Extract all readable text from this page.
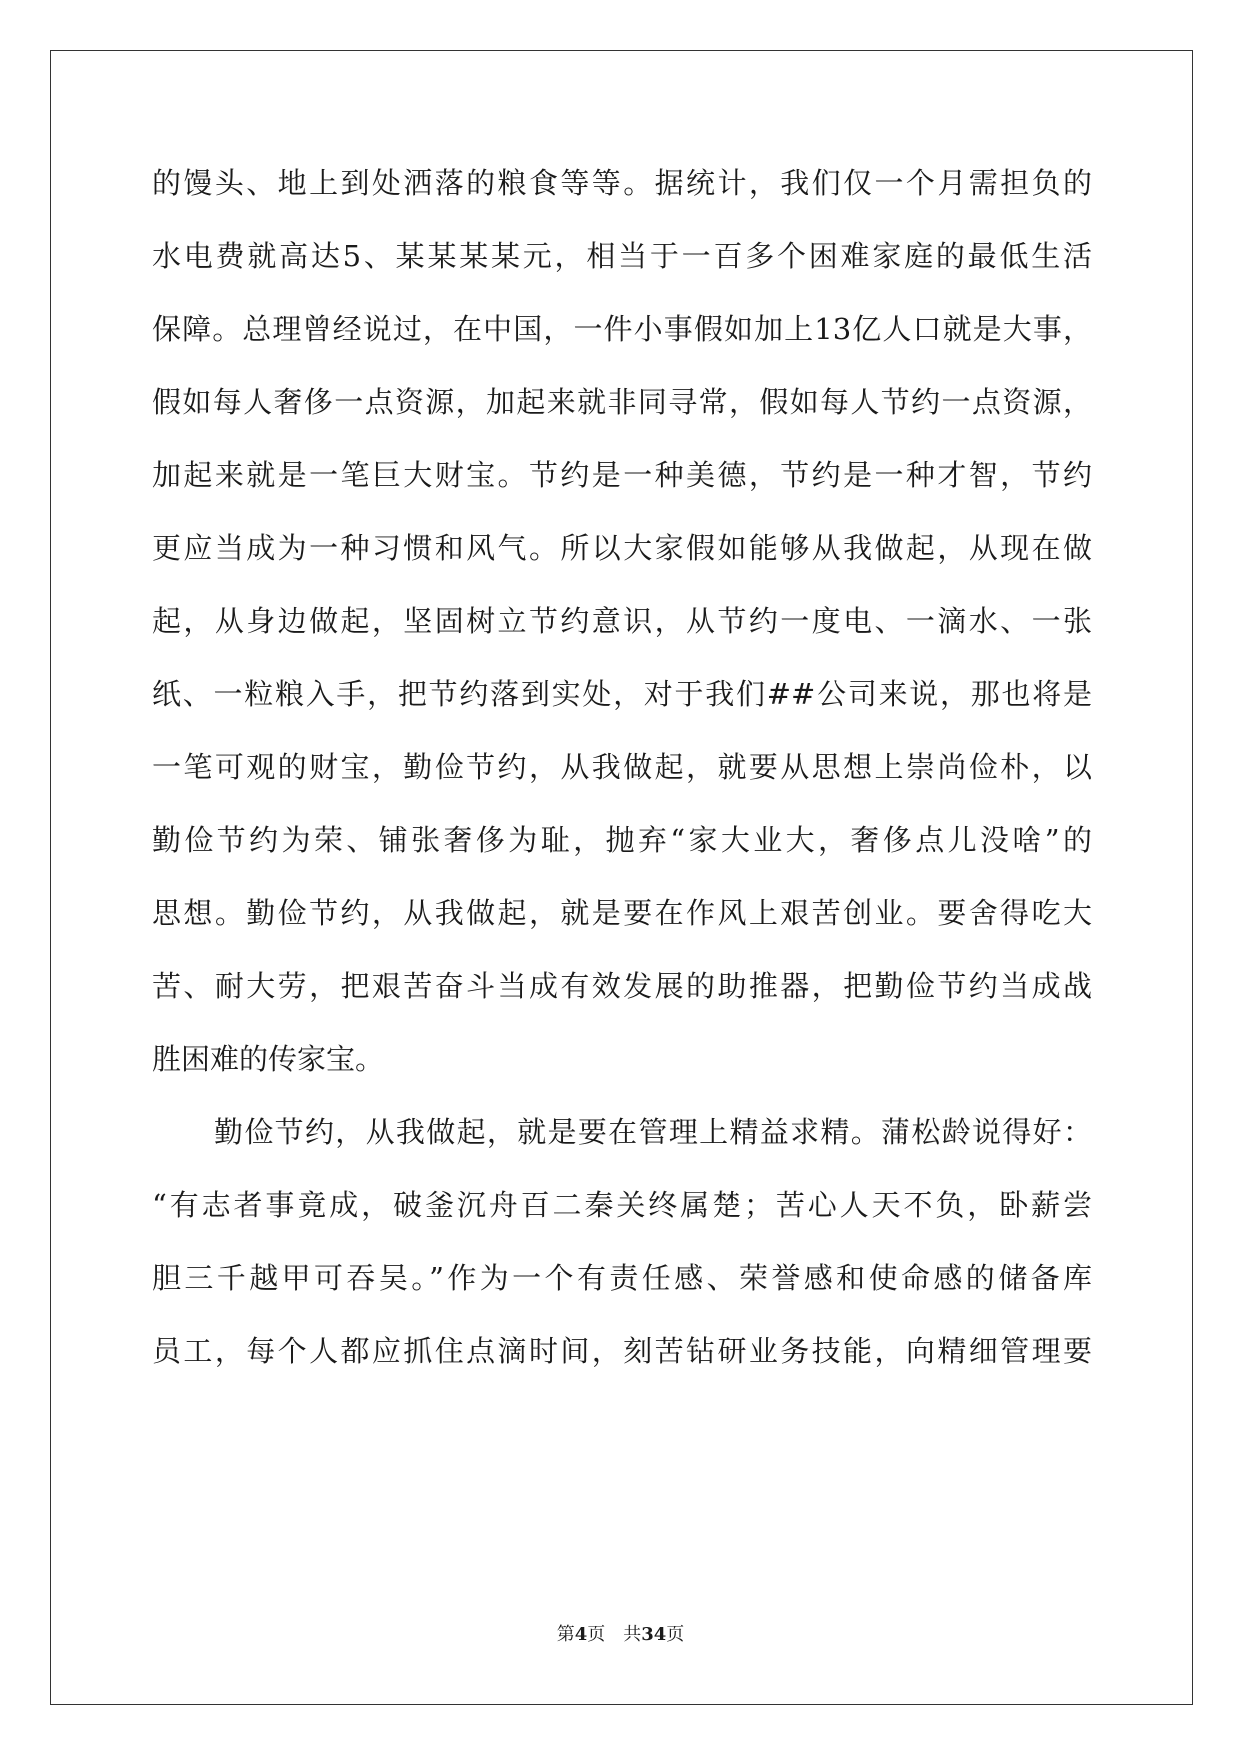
的馒头、地上到处洒落的粮食等等。据统计，我们仅一个月需担负的
水电费就高达5、某某某某元，相当于一百多个困难家庭的最低生活
保障。总理曾经说过，在中国，一件小事假如加上13亿人口就是大事，
假如每人奢侈一点资源，加起来就非同寻常，假如每人节约一点资源，
加起来就是一笔巨大财宝。节约是一种美德，节约是一种才智，节约
更应当成为一种习惯和风气。所以大家假如能够从我做起，从现在做
起，从身边做起，坚固树立节约意识，从节约一度电、一滴水、一张
纸、一粒粮入手，把节约落到实处，对于我们##公司来说，那也将是
一笔可观的财宝，勤俭节约，从我做起，就要从思想上崇尚俭朴，以
勤俭节约为荣、铺张奢侈为耻，抛弃“家大业大，奢侈点儿没啥”的
思想。勤俭节约，从我做起，就是要在作风上艰苦创业。要舍得吃大
苦、耐大劳，把艰苦奋斗当成有效发展的助推器，把勤俭节约当成战
胜困难的传家宝。
勤俭节约，从我做起，就是要在管理上精益求精。蒲松龄说得好：
“有志者事竟成，破釜沉舟百二秦关终属楚；苦心人天不负，卧薪尝
胆三千越甲可吞吴。”作为一个有责任感、荣誉感和使命感的储备库
员工，每个人都应抓住点滴时间，刻苦钻研业务技能，向精细管理要
第4页　共34页
